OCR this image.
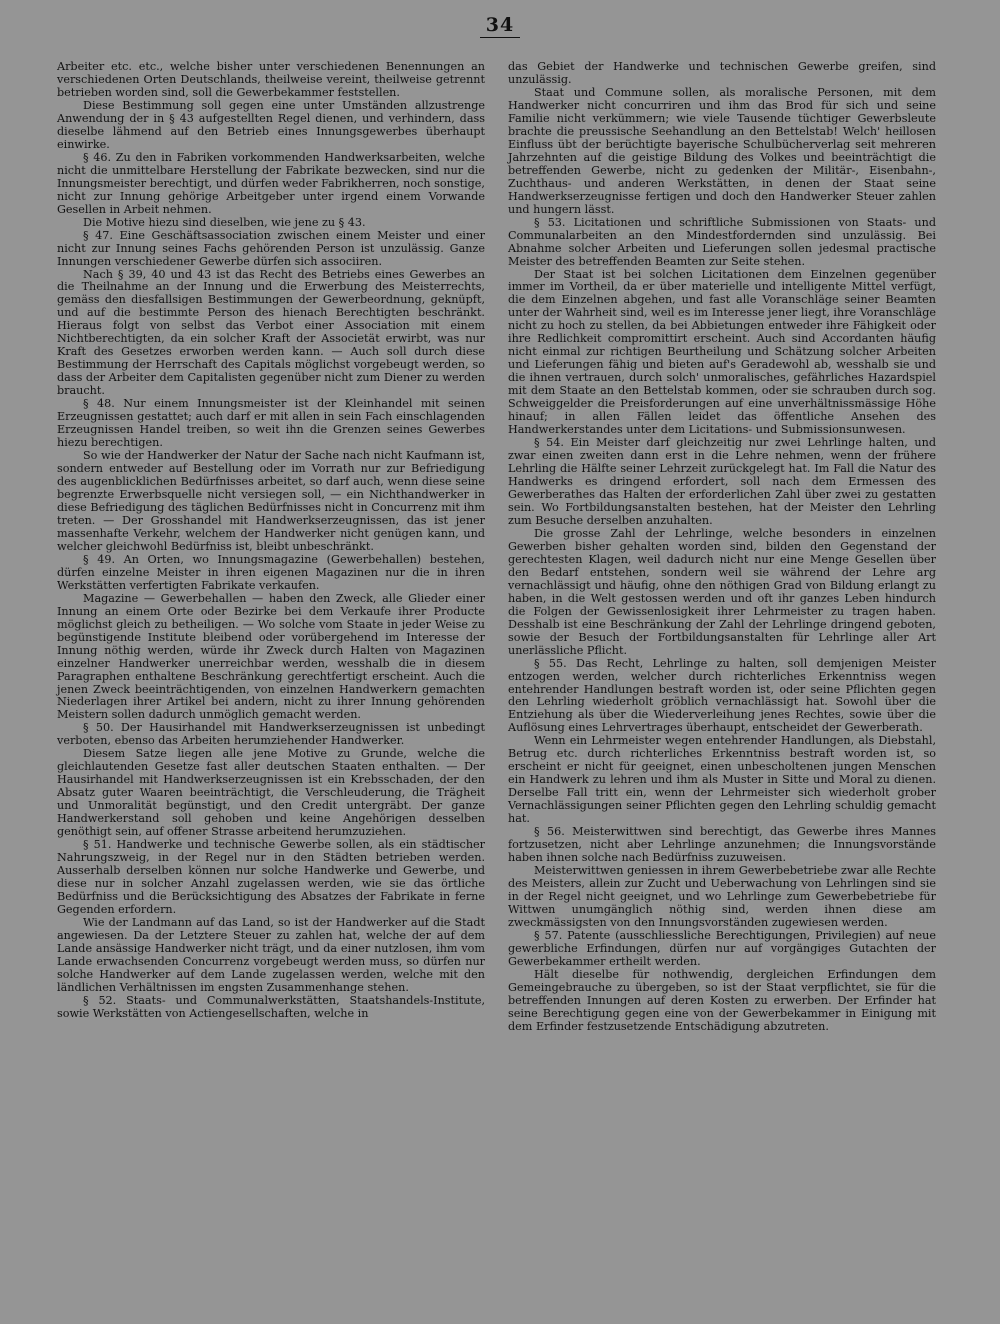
34

Arbeiter etc. etc., welche bisher unter verschiedenen Benennungen an verschiedenen Orten Deutschlands, theilweise vereint, theilweise getrennt betrieben worden sind, soll die Gewerbekammer feststellen.

Diese Bestimmung soll gegen eine unter Umständen allzustrenge Anwendung der in § 43 aufgestellten Regel dienen, und verhindern, dass dieselbe lähmend auf den Betrieb eines Innungsgewerbes überhaupt einwirke.

§ 46. Zu den in Fabriken vorkommenden Handwerksarbeiten, welche nicht die unmittelbare Herstellung der Fabrikate bezwecken, sind nur die Innungsmeister berechtigt, und dürfen weder Fabrikherren, noch sonstige, nicht zur Innung gehörige Arbeitgeber unter irgend einem Vorwande Gesellen in Arbeit nehmen.

Die Motive hiezu sind dieselben, wie jene zu § 43.

§ 47. Eine Geschäftsassociation zwischen einem Meister und einer nicht zur Innung seines Fachs gehörenden Person ist unzulässig. Ganze Innungen verschiedener Gewerbe dürfen sich associiren.

Nach § 39, 40 und 43 ist das Recht des Betriebs eines Gewerbes an die Theilnahme an der Innung und die Erwerbung des Meisterrechts, gemäss den diesfallsigen Bestimmungen der Gewerbeordnung, geknüpft, und auf die bestimmte Person des hienach Berechtigten beschränkt. Hieraus folgt von selbst das Verbot einer Association mit einem Nichtberechtigten, da ein solcher Kraft der Associetät erwirbt, was nur Kraft des Gesetzes erworben werden kann. — Auch soll durch diese Bestimmung der Herrschaft des Capitals möglichst vorgebeugt werden, so dass der Arbeiter dem Capitalisten gegenüber nicht zum Diener zu werden braucht.

§ 48. Nur einem Innungsmeister ist der Kleinhandel mit seinen Erzeugnissen gestattet; auch darf er mit allen in sein Fach einschlagenden Erzeugnissen Handel treiben, so weit ihn die Grenzen seines Gewerbes hiezu berechtigen.

So wie der Handwerker der Natur der Sache nach nicht Kaufmann ist, sondern entweder auf Bestellung oder im Vorrath nur zur Befriedigung des augenblicklichen Bedürfnisses arbeitet, so darf auch, wenn diese seine begrenzte Erwerbsquelle nicht versiegen soll, — ein Nichthandwerker in diese Befriedigung des täglichen Bedürfnisses nicht in Concurrenz mit ihm treten. — Der Grosshandel mit Handwerkserzeugnissen, das ist jener massenhafte Verkehr, welchem der Handwerker nicht genügen kann, und welcher gleichwohl Bedürfniss ist, bleibt unbeschränkt.

§ 49. An Orten, wo Innungsmagazine (Gewerbehallen) bestehen, dürfen einzelne Meister in ihren eigenen Magazinen nur die in ihren Werkstätten verfertigten Fabrikate verkaufen.

Magazine — Gewerbehallen — haben den Zweck, alle Glieder einer Innung an einem Orte oder Bezirke bei dem Verkaufe ihrer Producte möglichst gleich zu betheiligen. — Wo solche vom Staate in jeder Weise zu begünstigende Institute bleibend oder vorübergehend im Interesse der Innung nöthig werden, würde ihr Zweck durch Halten von Magazinen einzelner Handwerker unerreichbar werden, wesshalb die in diesem Paragraphen enthaltene Beschränkung gerechtfertigt erscheint. Auch die jenen Zweck beeinträchtigenden, von einzelnen Handwerkern gemachten Niederlagen ihrer Artikel bei andern, nicht zu ihrer Innung gehörenden Meistern sollen dadurch unmöglich gemacht werden.

§ 50. Der Hausirhandel mit Handwerkserzeugnissen ist unbedingt verboten, ebenso das Arbeiten herumziehender Handwerker.

Diesem Satze liegen alle jene Motive zu Grunde, welche die gleichlautenden Gesetze fast aller deutschen Staaten enthalten. — Der Hausirhandel mit Handwerkserzeugnissen ist ein Krebsschaden, der den Absatz guter Waaren beeinträchtigt, die Verschleuderung, die Trägheit und Unmoralität begünstigt, und den Credit untergräbt. Der ganze Handwerkerstand soll gehoben und keine Angehörigen desselben genöthigt sein, auf offener Strasse arbeitend herumzuziehen.

§ 51. Handwerke und technische Gewerbe sollen, als ein städtischer Nahrungszweig, in der Regel nur in den Städten betrieben werden. Ausserhalb derselben können nur solche Handwerke und Gewerbe, und diese nur in solcher Anzahl zugelassen werden, wie sie das örtliche Bedürfniss und die Berücksichtigung des Absatzes der Fabrikate in ferne Gegenden erfordern.

Wie der Landmann auf das Land, so ist der Handwerker auf die Stadt angewiesen. Da der Letztere Steuer zu zahlen hat, welche der auf dem Lande ansässige Handwerker nicht trägt, und da einer nutzlosen, ihm vom Lande erwachsenden Concurrenz vorgebeugt werden muss, so dürfen nur solche Handwerker auf dem Lande zugelassen werden, welche mit den ländlichen Verhältnissen im engsten Zusammenhange stehen.

§ 52. Staats- und Communalwerkstätten, Staatshandels-Institute, sowie Werkstätten von Actiengesellschaften, welche in

das Gebiet der Handwerke und technischen Gewerbe greifen, sind unzulässig.

Staat und Commune sollen, als moralische Personen, mit dem Handwerker nicht concurriren und ihm das Brod für sich und seine Familie nicht verkümmern; wie viele Tausende tüchtiger Gewerbsleute brachte die preussische Seehandlung an den Bettelstab! Welch' heillosen Einfluss übt der berüchtigte bayerische Schulbücherverlag seit mehreren Jahrzehnten auf die geistige Bildung des Volkes und beeinträchtigt die betreffenden Gewerbe, nicht zu gedenken der Militär-, Eisenbahn-, Zuchthaus- und anderen Werkstätten, in denen der Staat seine Handwerkserzeugnisse fertigen und doch den Handwerker Steuer zahlen und hungern lässt.

§ 53. Licitationen und schriftliche Submissionen von Staats- und Communalarbeiten an den Mindestfordernden sind unzulässig. Bei Abnahme solcher Arbeiten und Lieferungen sollen jedesmal practische Meister des betreffenden Beamten zur Seite stehen.

Der Staat ist bei solchen Licitationen dem Einzelnen gegenüber immer im Vortheil, da er über materielle und intelligente Mittel verfügt, die dem Einzelnen abgehen, und fast alle Voranschläge seiner Beamten unter der Wahrheit sind, weil es im Interesse jener liegt, ihre Voranschläge nicht zu hoch zu stellen, da bei Abbietungen entweder ihre Fähigkeit oder ihre Redlichkeit compromittirt erscheint. Auch sind Accordanten häufig nicht einmal zur richtigen Beurtheilung und Schätzung solcher Arbeiten und Lieferungen fähig und bieten auf's Geradewohl ab, wesshalb sie und die ihnen vertrauen, durch solch' unmoralisches, gefährliches Hazardspiel mit dem Staate an den Bettelstab kommen, oder sie schrauben durch sog. Schweiggelder die Preisforderungen auf eine unverhältnissmässige Höhe hinauf; in allen Fällen leidet das öffentliche Ansehen des Handwerkerstandes unter dem Licitations- und Submissionsunwesen.

§ 54. Ein Meister darf gleichzeitig nur zwei Lehrlinge halten, und zwar einen zweiten dann erst in die Lehre nehmen, wenn der frühere Lehrling die Hälfte seiner Lehrzeit zurückgelegt hat. Im Fall die Natur des Handwerks es dringend erfordert, soll nach dem Ermessen des Gewerberathes das Halten der erforderlichen Zahl über zwei zu gestatten sein. Wo Fortbildungsanstalten bestehen, hat der Meister den Lehrling zum Besuche derselben anzuhalten.

Die grosse Zahl der Lehrlinge, welche besonders in einzelnen Gewerben bisher gehalten worden sind, bilden den Gegenstand der gerechtesten Klagen, weil dadurch nicht nur eine Menge Gesellen über den Bedarf entstehen, sondern weil sie während der Lehre arg vernachlässigt und häufig, ohne den nöthigen Grad von Bildung erlangt zu haben, in die Welt gestossen werden und oft ihr ganzes Leben hindurch die Folgen der Gewissenlosigkeit ihrer Lehrmeister zu tragen haben. Desshalb ist eine Beschränkung der Zahl der Lehrlinge dringend geboten, sowie der Besuch der Fortbildungsanstalten für Lehrlinge aller Art unerlässliche Pflicht.

§ 55. Das Recht, Lehrlinge zu halten, soll demjenigen Meister entzogen werden, welcher durch richterliches Erkenntniss wegen entehrender Handlungen bestraft worden ist, oder seine Pflichten gegen den Lehrling wiederholt gröblich vernachlässigt hat. Sowohl über die Entziehung als über die Wiederverleihung jenes Rechtes, sowie über die Auflösung eines Lehrvertrages überhaupt, entscheidet der Gewerberath.

Wenn ein Lehrmeister wegen entehrender Handlungen, als Diebstahl, Betrug etc. durch richterliches Erkenntniss bestraft worden ist, so erscheint er nicht für geeignet, einen unbescholtenen jungen Menschen ein Handwerk zu lehren und ihm als Muster in Sitte und Moral zu dienen. Derselbe Fall tritt ein, wenn der Lehrmeister sich wiederholt grober Vernachlässigungen seiner Pflichten gegen den Lehrling schuldig gemacht hat.

§ 56. Meisterwittwen sind berechtigt, das Gewerbe ihres Mannes fortzusetzen, nicht aber Lehrlinge anzunehmen; die Innungsvorstände haben ihnen solche nach Bedürfniss zuzuweisen.

Meisterwittwen geniessen in ihrem Gewerbebetriebe zwar alle Rechte des Meisters, allein zur Zucht und Ueberwachung von Lehrlingen sind sie in der Regel nicht geeignet, und wo Lehrlinge zum Gewerbebetriebe für Wittwen unumgänglich nöthig sind, werden ihnen diese am zweckmässigsten von den Innungsvorständen zugewiesen werden.

§ 57. Patente (ausschliessliche Berechtigungen, Privilegien) auf neue gewerbliche Erfindungen, dürfen nur auf vorgängiges Gutachten der Gewerbekammer ertheilt werden.

Hält dieselbe für nothwendig, dergleichen Erfindungen dem Gemeingebrauche zu übergeben, so ist der Staat verpflichtet, sie für die betreffenden Innungen auf deren Kosten zu erwerben. Der Erfinder hat seine Berechtigung gegen eine von der Gewerbekammer in Einigung mit dem Erfinder festzusetzende Entschädigung abzutreten.
